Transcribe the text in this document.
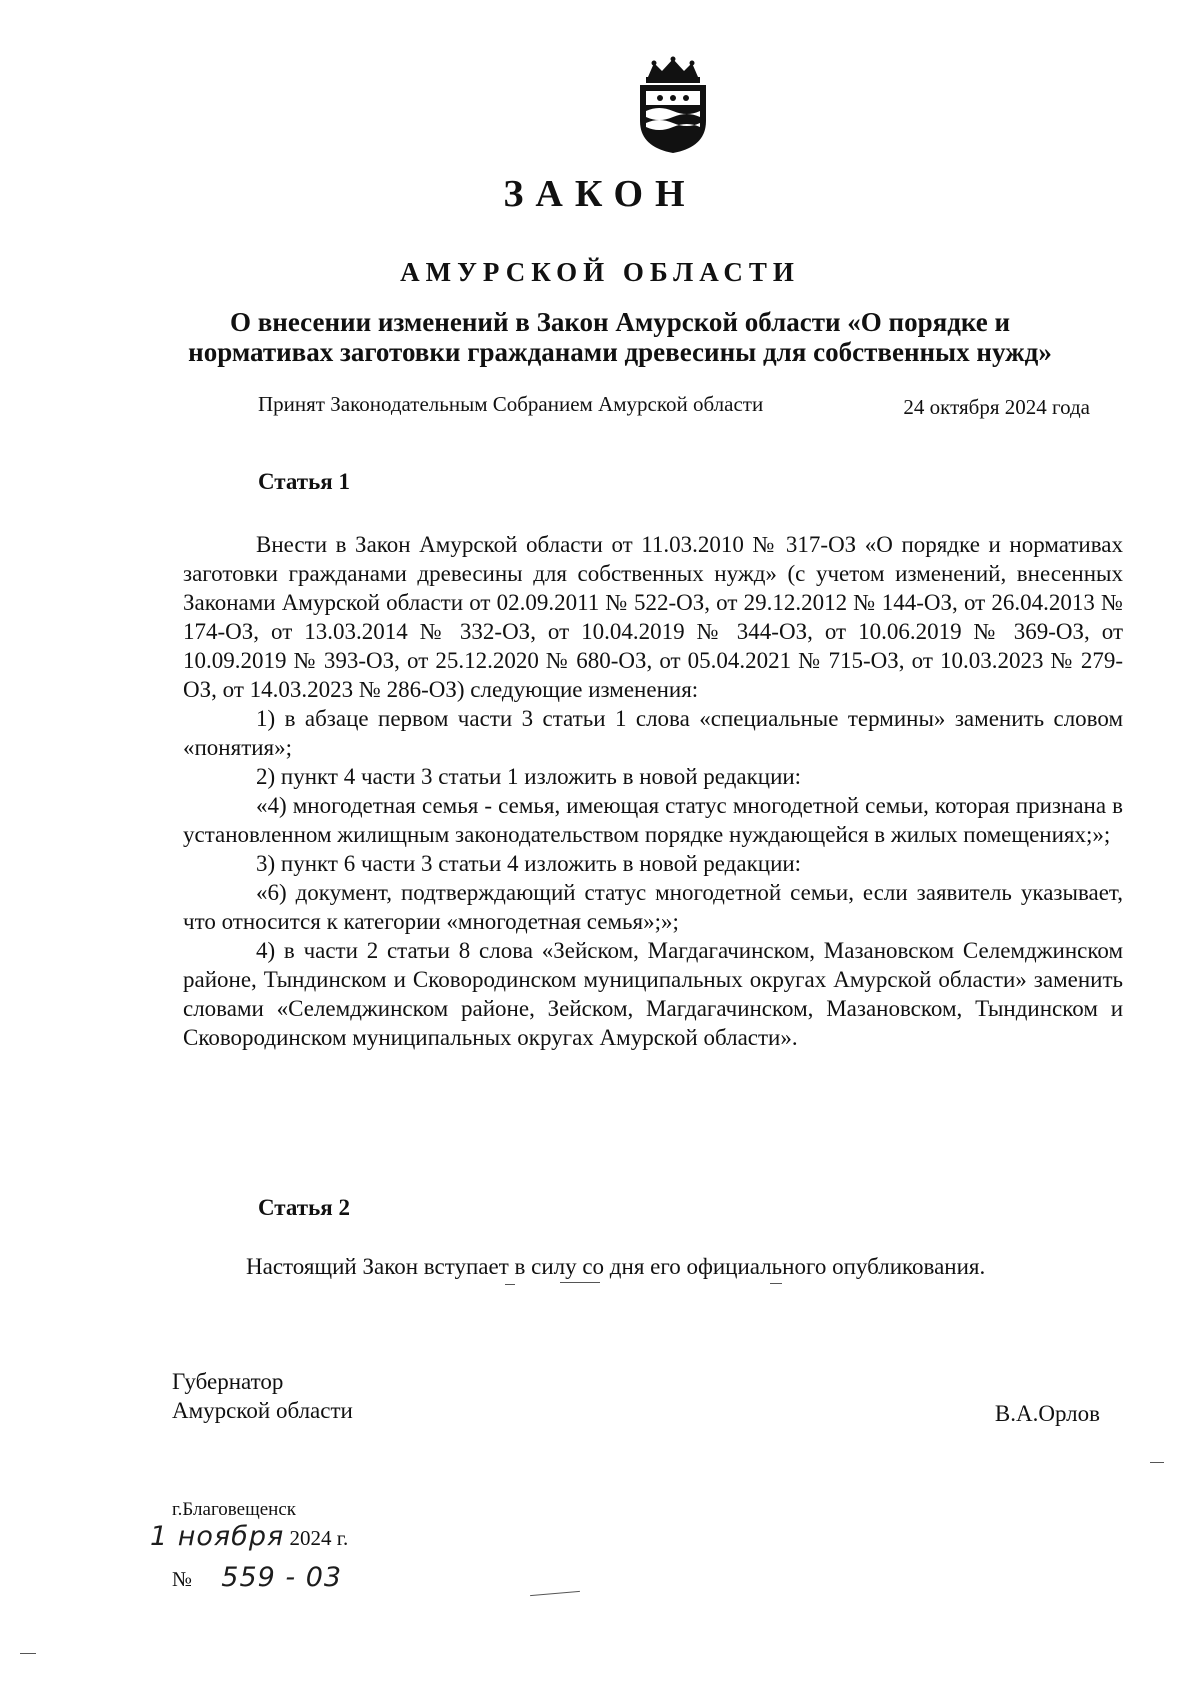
ЗАКОН
АМУРСКОЙ ОБЛАСТИ
О внесении изменений в Закон Амурской области «О порядке и
нормативах заготовки гражданами древесины для собственных нужд»
Принят Законодательным Собранием Амурской области	24 октября 2024 года
Статья 1

Внести в Закон Амурской области от 11.03.2010 № 317-ОЗ «О порядке и нормативах заготовки гражданами древесины для собственных нужд» (с учетом изменений, внесенных Законами Амурской области от 02.09.2011 № 522-ОЗ, от 29.12.2012 № 144-ОЗ, от 26.04.2013 № 174-ОЗ, от 13.03.2014 № 332-ОЗ, от 10.04.2019 № 344-ОЗ, от 10.06.2019 № 369-ОЗ, от 10.09.2019 № 393-ОЗ, от 25.12.2020 № 680-ОЗ, от 05.04.2021 № 715-ОЗ, от 10.03.2023 № 279-ОЗ, от 14.03.2023 № 286-ОЗ) следующие изменения:

1) в абзаце первом части 3 статьи 1 слова «специальные термины» заменить словом «понятия»;

2) пункт 4 части 3 статьи 1 изложить в новой редакции:

«4) многодетная семья - семья, имеющая статус многодетной семьи, которая признана в установленном жилищным законодательством порядке нуждающейся в жилых помещениях;»;

3) пункт 6 части 3 статьи 4 изложить в новой редакции:

«6) документ, подтверждающий статус многодетной семьи, если заявитель указывает, что относится к категории «многодетная семья»;»;

4) в части 2 статьи 8 слова «Зейском, Магдагачинском, Мазановском Селемджинском районе, Тындинском и Сковородинском муниципальных округах Амурской области» заменить словами «Селемджинском районе, Зейском, Магдагачинском, Мазановском, Тындинском и Сковородинском муниципальных округах Амурской области».

Статья 2
Настоящий Закон вступает в силу со дня его официального опубликования.
Губернатор
Амурской области	В.А.Орлов
г.Благовещенск
1 ноября 2024 г.
№ 559 - 03
